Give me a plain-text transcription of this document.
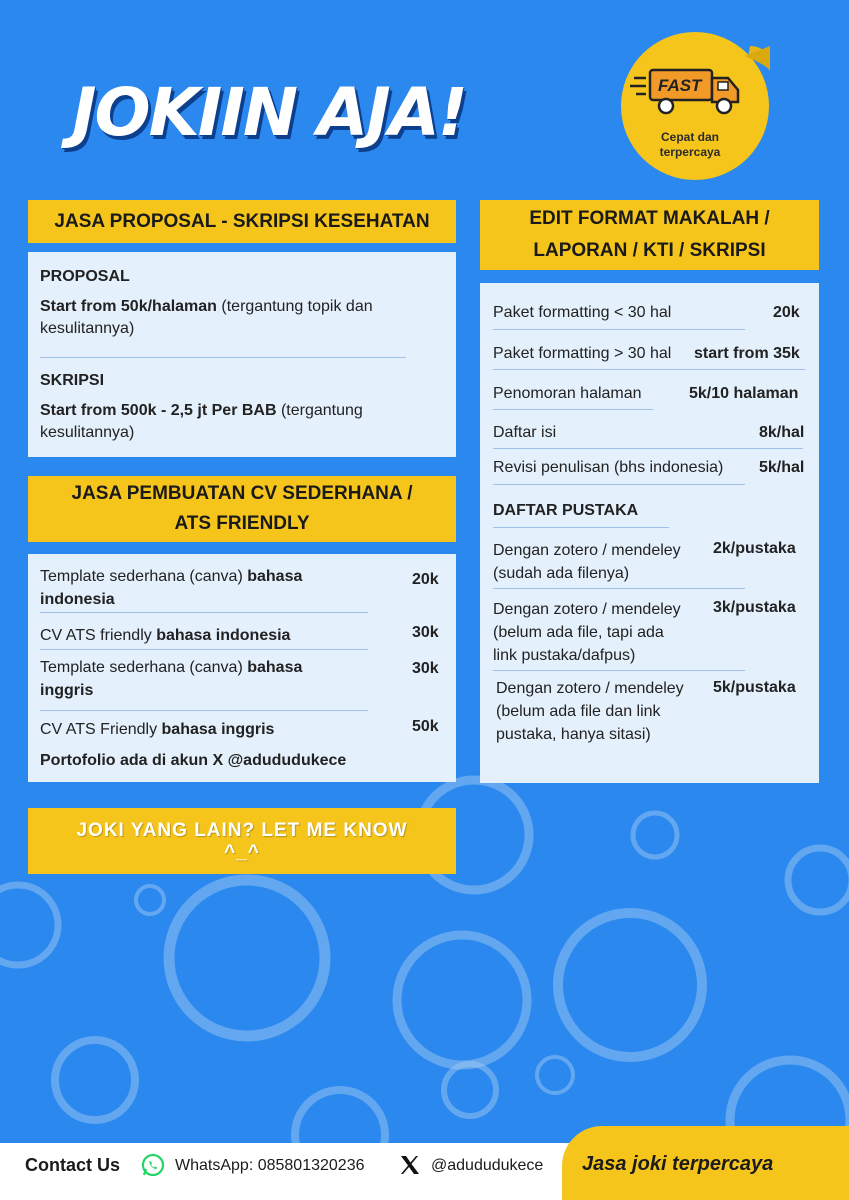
JOKIIN AJA!	FAST
Cepat dan terpercaya
JASA PROPOSAL - SKRIPSI KESEHATAN
PROPOSAL
Start from 50k/halaman (tergantung topik dan kesulitannya)
SKRIPSI
Start from 500k - 2,5 jt Per BAB (tergantung kesulitannya)
JASA PEMBUATAN CV SEDERHANA /
ATS FRIENDLY
Template sederhana (canva) bahasa indonesia
20k
CV ATS friendly bahasa indonesia	30k
Template sederhana (canva) bahasa inggris
30k
CV ATS Friendly bahasa inggris	50k
Portofolio ada di akun X @adududukece
EDIT FORMAT MAKALAH /
LAPORAN / KTI / SKRIPSI
Paket formatting < 30 hal	20k
Paket formatting > 30 hal start from 35k
Penomoran halaman	5k/10 halaman
Daftar isi	8k/hal
Revisi penulisan (bhs indonesia) 5k/hal
DAFTAR PUSTAKA
Dengan zotero / mendeley
(sudah ada filenya)
2k/pustaka
Dengan zotero / mendeley
(belum ada file, tapi ada
link pustaka/dafpus)
3k/pustaka
Dengan zotero / mendeley
(belum ada file dan link
pustaka, hanya sitasi)
5k/pustaka
JOKI YANG LAIN? LET ME KNOW
^_^
Contact Us	WhatsApp: 085801320236	@adududukece Jasa joki terpercaya
